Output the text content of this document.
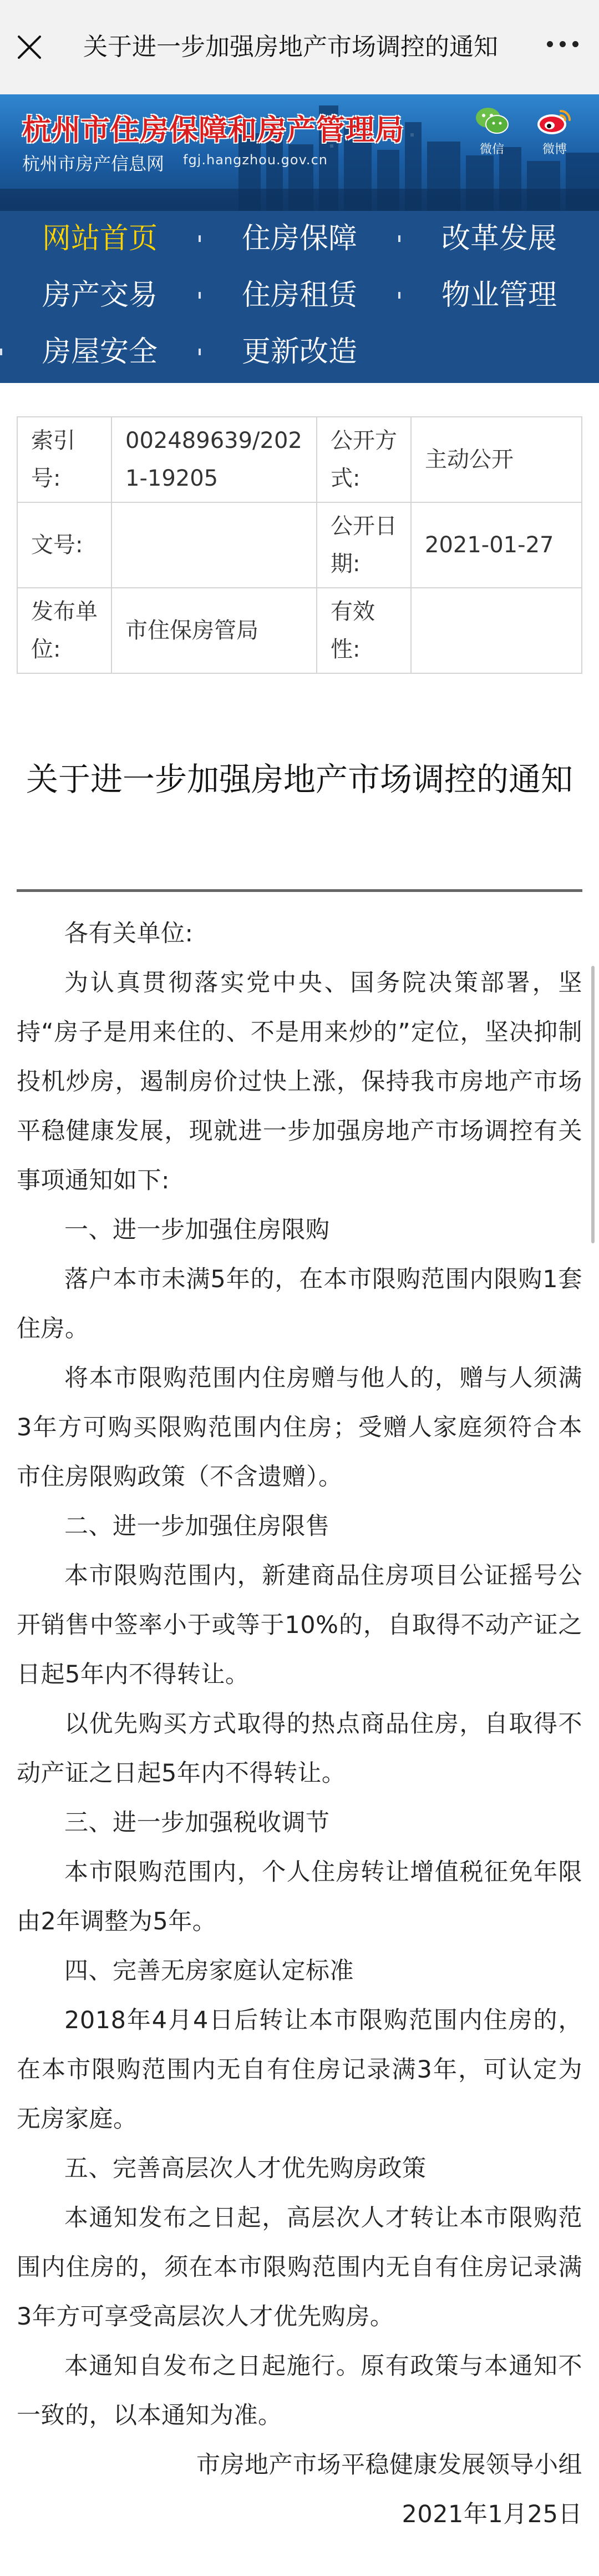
关于进一步加强房地产市场调控的通知
杭州市住房保障和房产管理局
杭州市房产信息网 fgj.hangzhou.gov.cn
微信	微博
网站首页	住房保障	改革发展
房产交易	住房租赁	物业管理
房屋安全	更新改造
索引号:	002489639/2021-19205	公开方式:	主动公开
文号:		公开日期:	2021-01-27
发布单位:	市住保房管局	有效性:	
关于进一步加强房地产市场调控的通知

各有关单位:

为认真贯彻落实党中央、国务院决策部署，坚持“房子是用来住的、不是用来炒的”定位，坚决抑制投机炒房，遏制房价过快上涨，保持我市房地产市场平稳健康发展，现就进一步加强房地产市场调控有关事项通知如下:

一、进一步加强住房限购

落户本市未满5年的，在本市限购范围内限购1套住房。

将本市限购范围内住房赠与他人的，赠与人须满3年方可购买限购范围内住房；受赠人家庭须符合本市住房限购政策（不含遗赠）。

二、进一步加强住房限售

本市限购范围内，新建商品住房项目公证摇号公开销售中签率小于或等于10%的，自取得不动产证之日起5年内不得转让。

以优先购买方式取得的热点商品住房，自取得不动产证之日起5年内不得转让。

三、进一步加强税收调节

本市限购范围内，个人住房转让增值税征免年限由2年调整为5年。

四、完善无房家庭认定标准

2018年4月4日后转让本市限购范围内住房的，在本市限购范围内无自有住房记录满3年，可认定为无房家庭。

五、完善高层次人才优先购房政策

本通知发布之日起，高层次人才转让本市限购范围内住房的，须在本市限购范围内无自有住房记录满3年方可享受高层次人才优先购房。

本通知自发布之日起施行。原有政策与本通知不一致的，以本通知为准。

市房地产市场平稳健康发展领导小组

2021年1月25日
